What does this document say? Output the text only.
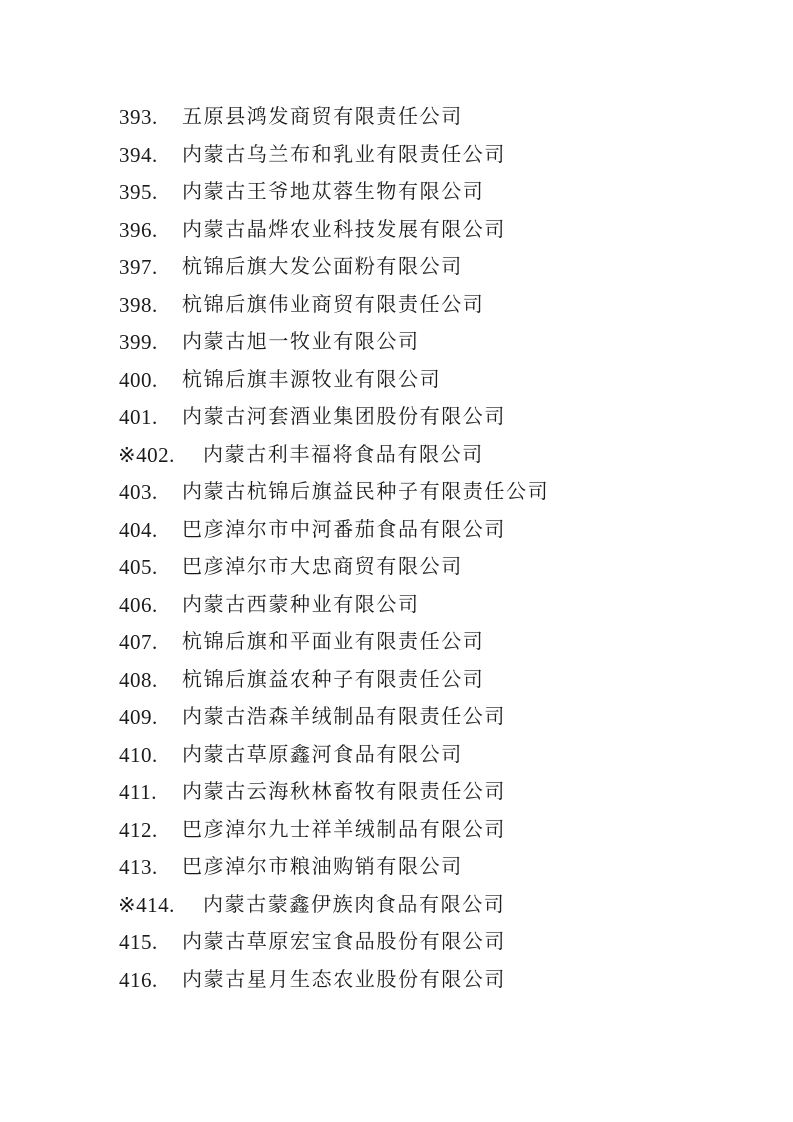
393. 五原县鸿发商贸有限责任公司
394. 内蒙古乌兰布和乳业有限责任公司
395. 内蒙古王爷地苁蓉生物有限公司
396. 内蒙古晶烨农业科技发展有限公司
397. 杭锦后旗大发公面粉有限公司
398. 杭锦后旗伟业商贸有限责任公司
399. 内蒙古旭一牧业有限公司
400. 杭锦后旗丰源牧业有限公司
401. 内蒙古河套酒业集团股份有限公司
※402. 内蒙古利丰福将食品有限公司
403. 内蒙古杭锦后旗益民种子有限责任公司
404. 巴彦淖尔市中河番茄食品有限公司
405. 巴彦淖尔市大忠商贸有限公司
406. 内蒙古西蒙种业有限公司
407. 杭锦后旗和平面业有限责任公司
408. 杭锦后旗益农种子有限责任公司
409. 内蒙古浩森羊绒制品有限责任公司
410. 内蒙古草原鑫河食品有限公司
411. 内蒙古云海秋林畜牧有限责任公司
412. 巴彦淖尔九士祥羊绒制品有限公司
413. 巴彦淖尔市粮油购销有限公司
※414. 内蒙古蒙鑫伊族肉食品有限公司
415. 内蒙古草原宏宝食品股份有限公司
416. 内蒙古星月生态农业股份有限公司
